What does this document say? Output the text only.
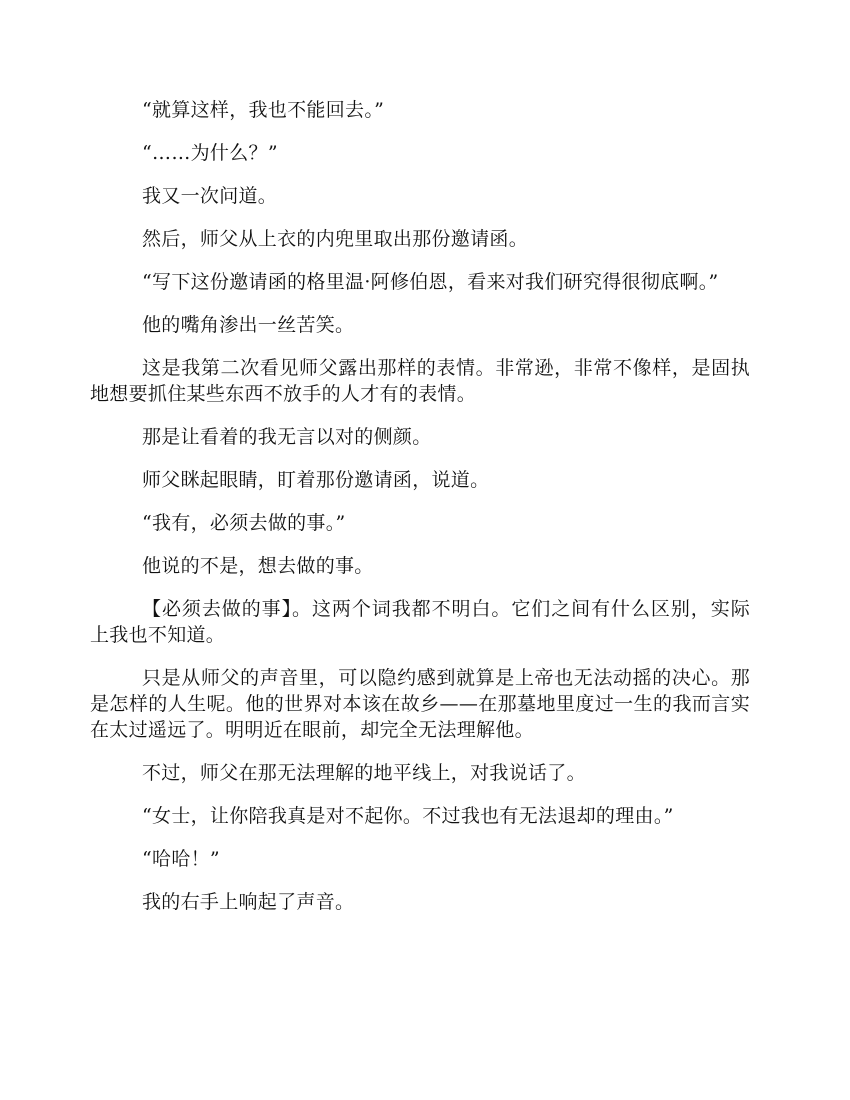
“就算这样，我也不能回去。”

“……为什么？”

我又一次问道。

然后，师父从上衣的内兜里取出那份邀请函。

“写下这份邀请函的格里温·阿修伯恩，看来对我们研究得很彻底啊。”

他的嘴角渗出一丝苦笑。

这是我第二次看见师父露出那样的表情。非常逊，非常不像样，是固执地想要抓住某些东西不放手的人才有的表情。

那是让看着的我无言以对的侧颜。

师父眯起眼睛，盯着那份邀请函，说道。

“我有，必须去做的事。”

他说的不是，想去做的事。

【必须去做的事】。这两个词我都不明白。它们之间有什么区别，实际上我也不知道。

只是从师父的声音里，可以隐约感到就算是上帝也无法动摇的决心。那是怎样的人生呢。他的世界对本该在故乡——在那墓地里度过一生的我而言实在太过遥远了。明明近在眼前，却完全无法理解他。

不过，师父在那无法理解的地平线上，对我说话了。

“女士，让你陪我真是对不起你。不过我也有无法退却的理由。”

“哈哈！”

我的右手上响起了声音。
